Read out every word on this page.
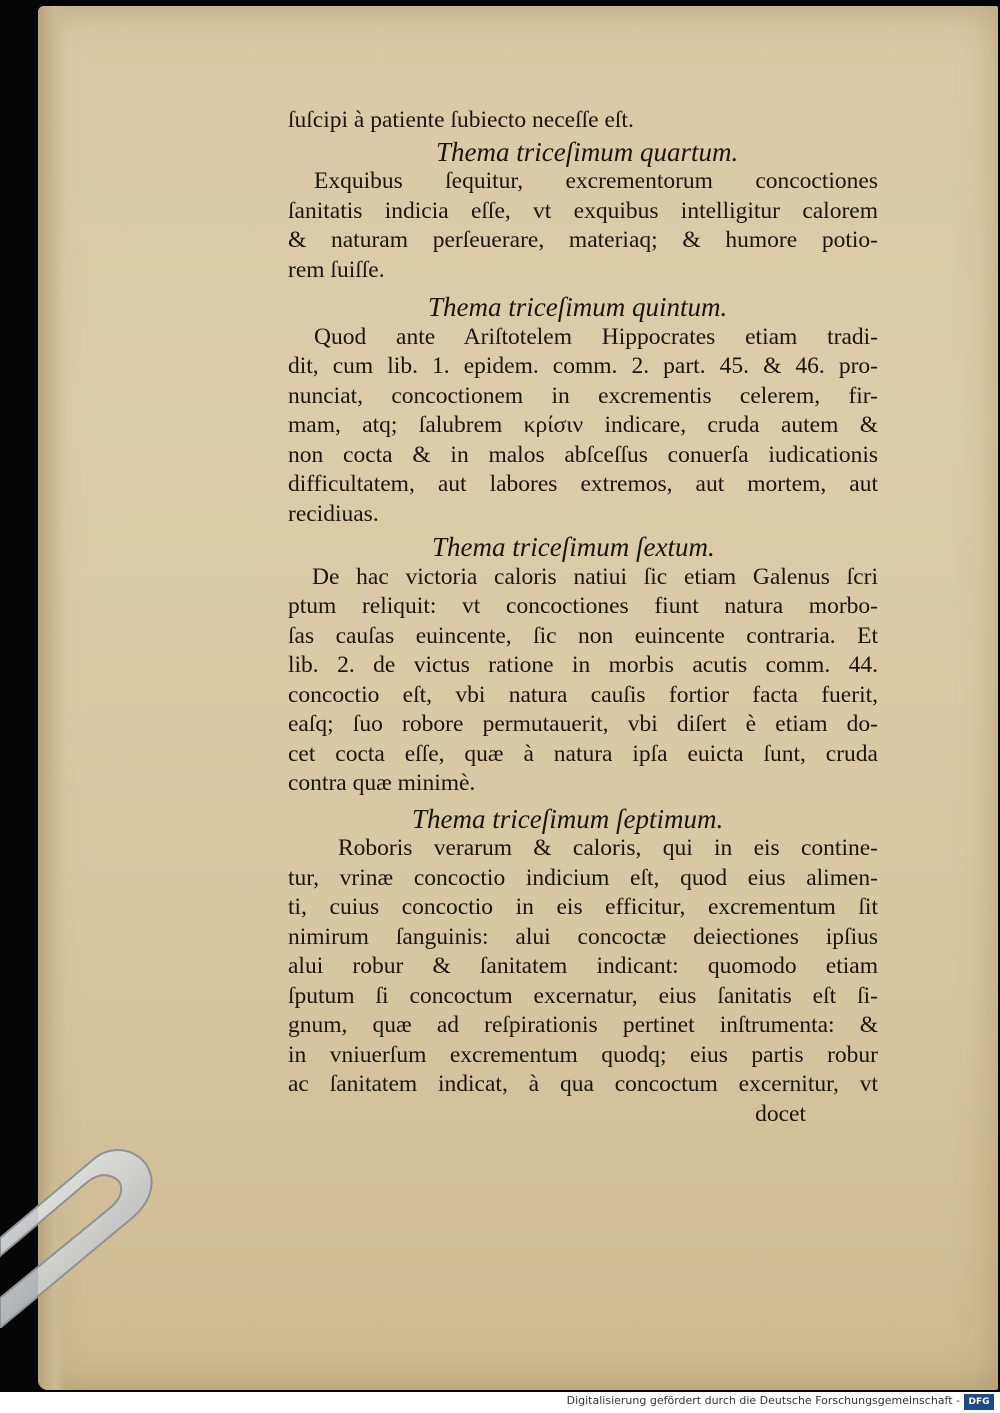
ſuſcipi à patiente ſubiecto neceſſe eſt.
Thema triceſimum quartum.
Exquibus ſequitur, excrementorum concoctiones
ſanitatis indicia eſſe, vt exquibus intelligitur calorem
& naturam perſeuerare, materiaq; & humore potio-
rem ſuiſſe.
Thema triceſimum quintum.
Quod ante Ariſtotelem Hippocrates etiam tradi-
dit, cum lib. 1. epidem. comm. 2. part. 45. & 46. pro-
nunciat, concoctionem in excrementis celerem, fir-
mam, atq; ſalubrem κρίσιν indicare, cruda autem &
non cocta & in malos abſceſſus conuerſa iudicationis
difficultatem, aut labores extremos, aut mortem, aut
recidiuas.
Thema triceſimum ſextum.
De hac victoria caloris natiui ſic etiam Galenus ſcri
ptum reliquit: vt concoctiones fiunt natura morbo-
ſas cauſas euincente, ſic non euincente contraria. Et
lib. 2. de victus ratione in morbis acutis comm. 44.
concoctio eſt, vbi natura cauſis fortior facta fuerit,
eaſq; ſuo robore permutauerit, vbi diſert è etiam do-
cet cocta eſſe, quæ à natura ipſa euicta ſunt, cruda
contra quæ minimè.
Thema triceſimum ſeptimum.
Roboris verarum & caloris, qui in eis contine-
tur, vrinæ concoctio indicium eſt, quod eius alimen-
ti, cuius concoctio in eis efficitur, excrementum ſit
nimirum ſanguinis: alui concoctæ deiectiones ipſius
alui robur & ſanitatem indicant: quomodo etiam
ſputum ſi concoctum excernatur, eius ſanitatis eſt ſi-
gnum, quæ ad reſpirationis pertinet inſtrumenta: &
in vniuerſum excrementum quodq; eius partis robur
ac ſanitatem indicat, à qua concoctum excernitur, vt
docet
Digitalisierung gefördert durch die Deutsche Forschungsgemeinschaft - DFG
